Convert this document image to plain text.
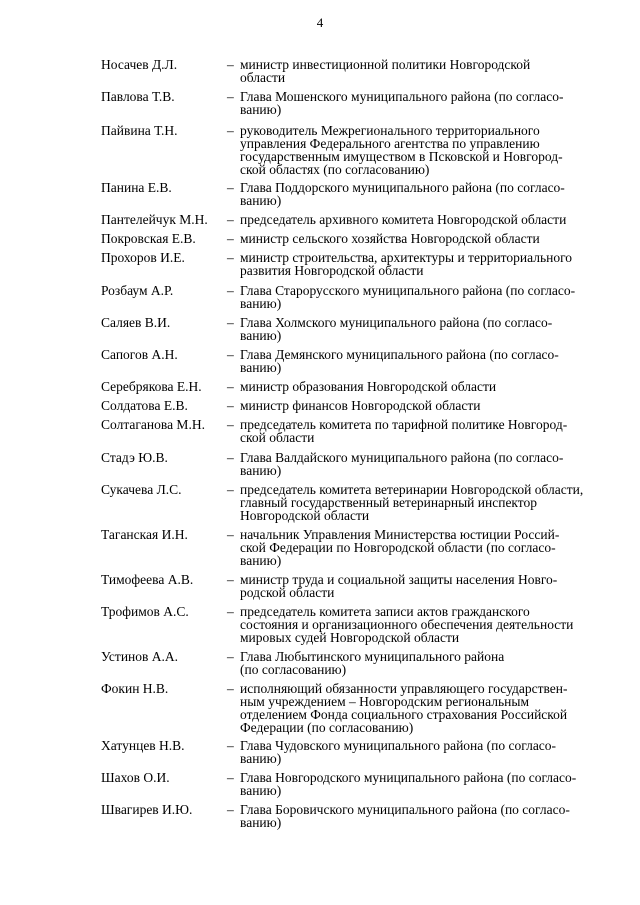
4
Носачев Д.Л.	– министр инвестиционной политики Новгородской
области
Павлова Т.В.	– Глава Мошенского муниципального района (по согласо-
ванию)
Пайвина Т.Н.	– руководитель Межрегионального территориального
управления Федерального агентства по управлению
государственным имуществом в Псковской и Новгород-
ской областях (по согласованию)
Панина Е.В.	– Глава Поддорского муниципального района (по согласо-
ванию)
Пантелейчук М.Н. – председатель архивного комитета Новгородской области
Покровская Е.В. – министр сельского хозяйства Новгородской области
Прохоров И.Е.	– министр строительства, архитектуры и территориального
развития Новгородской области
Розбаум А.Р.	– Глава Старорусского муниципального района (по согласо-
ванию)
Саляев В.И.	– Глава Холмского муниципального района (по согласо-
ванию)
Сапогов А.Н.	– Глава Демянского муниципального района (по согласо-
ванию)
Серебрякова Е.Н. – министр образования Новгородской области
Солдатова Е.В.	– министр финансов Новгородской области
Солтаганова М.Н. – председатель комитета по тарифной политике Новгород-
ской области
Стадэ Ю.В.	– Глава Валдайского муниципального района (по согласо-
ванию)
Сукачева Л.С.	– председатель комитета ветеринарии Новгородской области,
главный государственный ветеринарный инспектор
Новгородской области
Таганская И.Н.	– начальник Управления Министерства юстиции Россий-
ской Федерации по Новгородской области (по согласо-
ванию)
Тимофеева А.В.	– министр труда и социальной защиты населения Новго-
родской области
Трофимов А.С.	– председатель комитета записи актов гражданского
состояния и организационного обеспечения деятельности
мировых судей Новгородской области
Устинов А.А.	– Глава Любытинского муниципального района
(по согласованию)
Фокин Н.В.	– исполняющий обязанности управляющего государствен-
ным учреждением – Новгородским региональным
отделением Фонда социального страхования Российской
Федерации (по согласованию)
Хатунцев Н.В.	– Глава Чудовского муниципального района (по согласо-
ванию)
Шахов О.И.	– Глава Новгородского муниципального района (по согласо-
ванию)
Швагирев И.Ю.	– Глава Боровичского муниципального района (по согласо-
ванию)
